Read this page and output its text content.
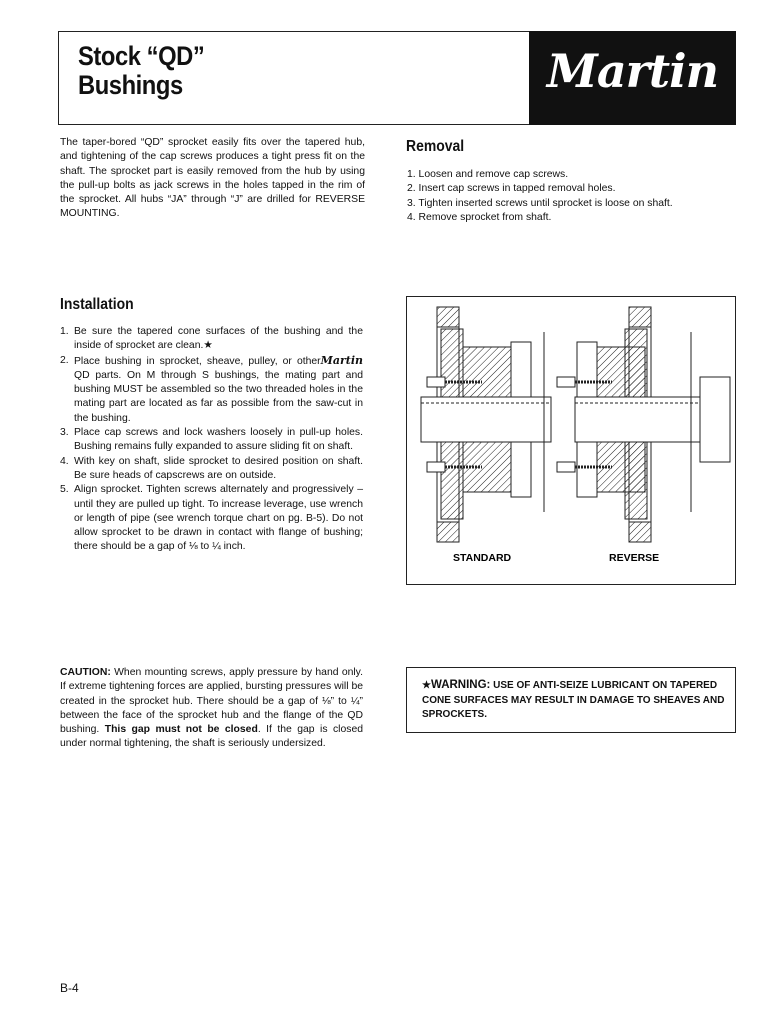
Stock “QD”
Bushings	Martin
The taper-bored “QD” sprocket easily fits over the tapered hub, and tightening of the cap screws produces a tight press fit on the shaft. The sprocket part is easily removed from the hub by using the pull-up bolts as jack screws in the holes tapped in the rim of the sprocket. All hubs “JA” through “J” are drilled for REVERSE MOUNTING.
Removal
1. Loosen and remove cap screws.
2. Insert cap screws in tapped removal holes.
3. Tighten inserted screws until sprocket is loose on shaft.
4. Remove sprocket from shaft.
Installation
1. Be sure the tapered cone surfaces of the bushing and the inside of sprocket are clean.★
2. Place bushing in sprocket, sheave, pulley, or otherMartin QD parts. On M through S bushings, the mating part and bushing MUST be assembled so the two threaded holes in the mating part are located as far as possible from the saw-cut in the bushing.
3. Place cap screws and lock washers loosely in pull-up holes. Bushing remains fully expanded to assure sliding fit on shaft.
4. With key on shaft, slide sprocket to desired position on shaft. Be sure heads of capscrews are on outside.
5. Align sprocket. Tighten screws alternately and progressively – until they are pulled up tight. To increase leverage, use wrench or length of pipe (see wrench torque chart on pg. B-5). Do not allow sprocket to be drawn in contact with flange of bushing; there should be a gap of ⅛ to ¼ inch.
STANDARD	REVERSE
CAUTION: When mounting screws, apply pressure by hand only. If extreme tightening forces are applied, bursting pressures will be created in the sprocket hub. There should be a gap of ⅛” to ¼” between the face of the sprocket hub and the flange of the QD bushing. This gap must not be closed. If the gap is closed under normal tightening, the shaft is seriously undersized.
★WARNING: USE OF ANTI-SEIZE LUBRICANT ON TAPERED CONE SURFACES MAY RESULT IN DAMAGE TO SHEAVES AND SPROCKETS.
B-4
